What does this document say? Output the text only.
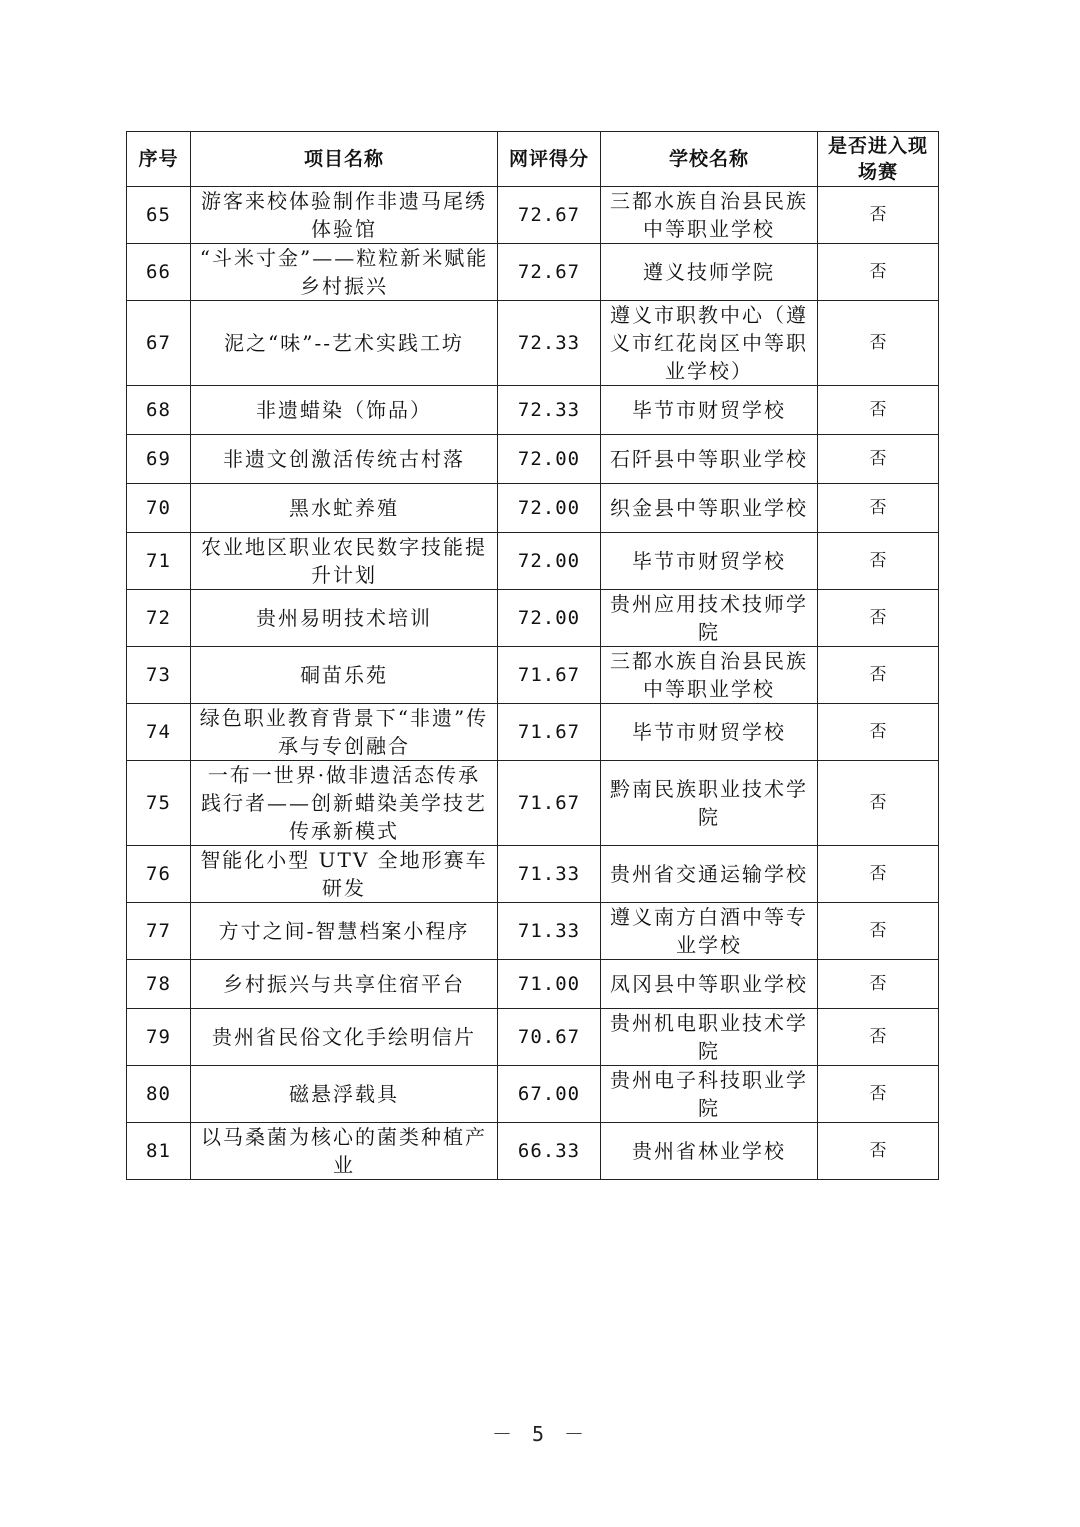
序号	项目名称	网评得分	学校名称	是否进入现场赛
65	游客来校体验制作非遗马尾绣体验馆	72.67	三都水族自治县民族中等职业学校	否
66	“斗米寸金”——粒粒新米赋能乡村振兴	72.67	遵义技师学院	否
67	泥之“味”--艺术实践工坊	72.33	遵义市职教中心（遵义市红花岗区中等职业学校）	否
68	非遗蜡染（饰品）	72.33	毕节市财贸学校	否
69	非遗文创激活传统古村落	72.00	石阡县中等职业学校	否
70	黑水虻养殖	72.00	织金县中等职业学校	否
71	农业地区职业农民数字技能提升计划	72.00	毕节市财贸学校	否
72	贵州易明技术培训	72.00	贵州应用技术技师学院	否
73	硐苗乐苑	71.67	三都水族自治县民族中等职业学校	否
74	绿色职业教育背景下“非遗”传承与专创融合	71.67	毕节市财贸学校	否
75	一布一世界·做非遗活态传承践行者——创新蜡染美学技艺传承新模式	71.67	黔南民族职业技术学院	否
76	智能化小型 UTV 全地形赛车研发	71.33	贵州省交通运输学校	否
77	方寸之间-智慧档案小程序	71.33	遵义南方白酒中等专业学校	否
78	乡村振兴与共享住宿平台	71.00	凤冈县中等职业学校	否
79	贵州省民俗文化手绘明信片	70.67	贵州机电职业技术学院	否
80	磁悬浮载具	67.00	贵州电子科技职业学院	否
81	以马桑菌为核心的菌类种植产业	66.33	贵州省林业学校	否
－ 5 －
